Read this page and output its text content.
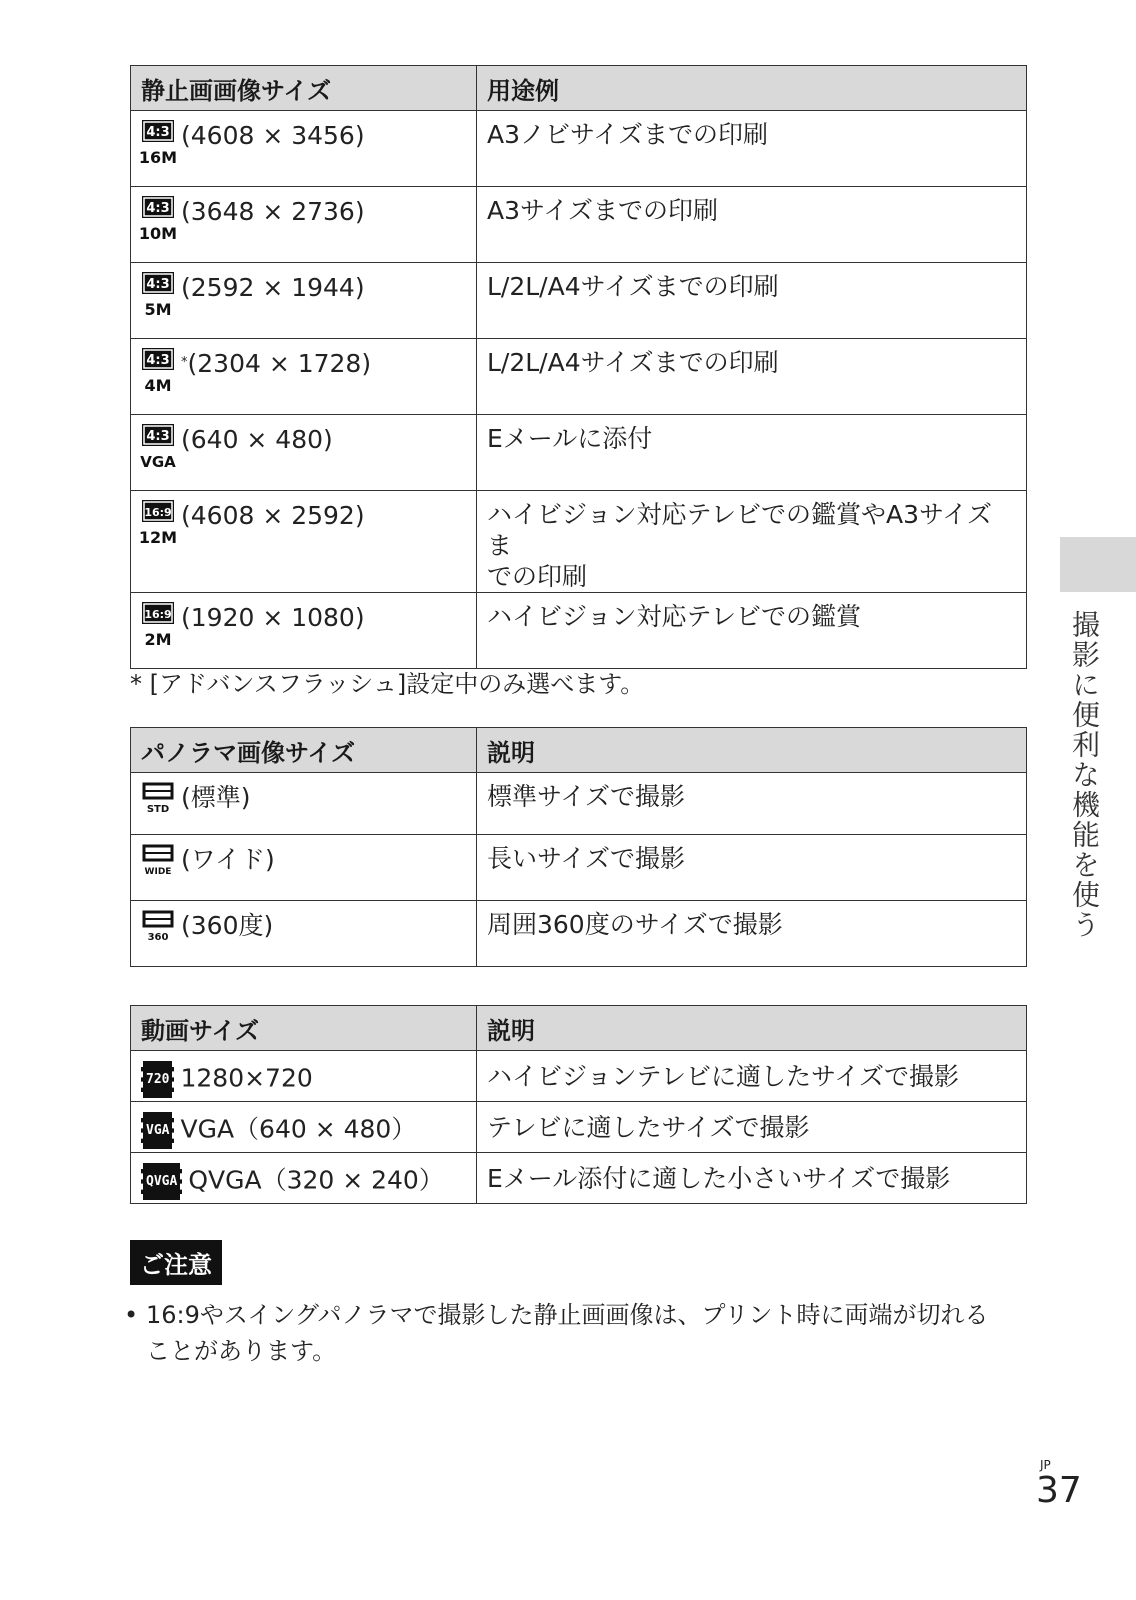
静止画画像サイズ	用途例

4:3
16M
(4608 × 3456)	A3ノビサイズまでの印刷

4:3
10M
(3648 × 2736)	A3サイズまでの印刷

4:3
5M
(2592 × 1944)	L/2L/A4サイズまでの印刷

4:3
4M
*(2304 × 1728)	L/2L/A4サイズまでの印刷

4:3
VGA
(640 × 480)	Eメールに添付

16:9
12M
(4608 × 2592)	ハイビジョン対応テレビでの鑑賞やA3サイズま
での印刷

16:9
2M
(1920 × 1080)	ハイビジョン対応テレビでの鑑賞
* [アドバンスフラッシュ]設定中のみ選べます。
パノラマ画像サイズ	説明

STD (標準)	標準サイズで撮影

WIDE (ワイド)	長いサイズで撮影

360 (360度)	周囲360度のサイズで撮影
動画サイズ	説明
720 1280×720	ハイビジョンテレビに適したサイズで撮影
VGA VGA（640 × 480）	テレビに適したサイズで撮影
QVGA QVGA（320 × 240）	Eメール添付に適した小さいサイズで撮影
ご注意
• 16:9やスイングパノラマで撮影した静止画画像は、プリント時に両端が切れる
ことがあります。
撮影に便利な機能を使う
JP
37
